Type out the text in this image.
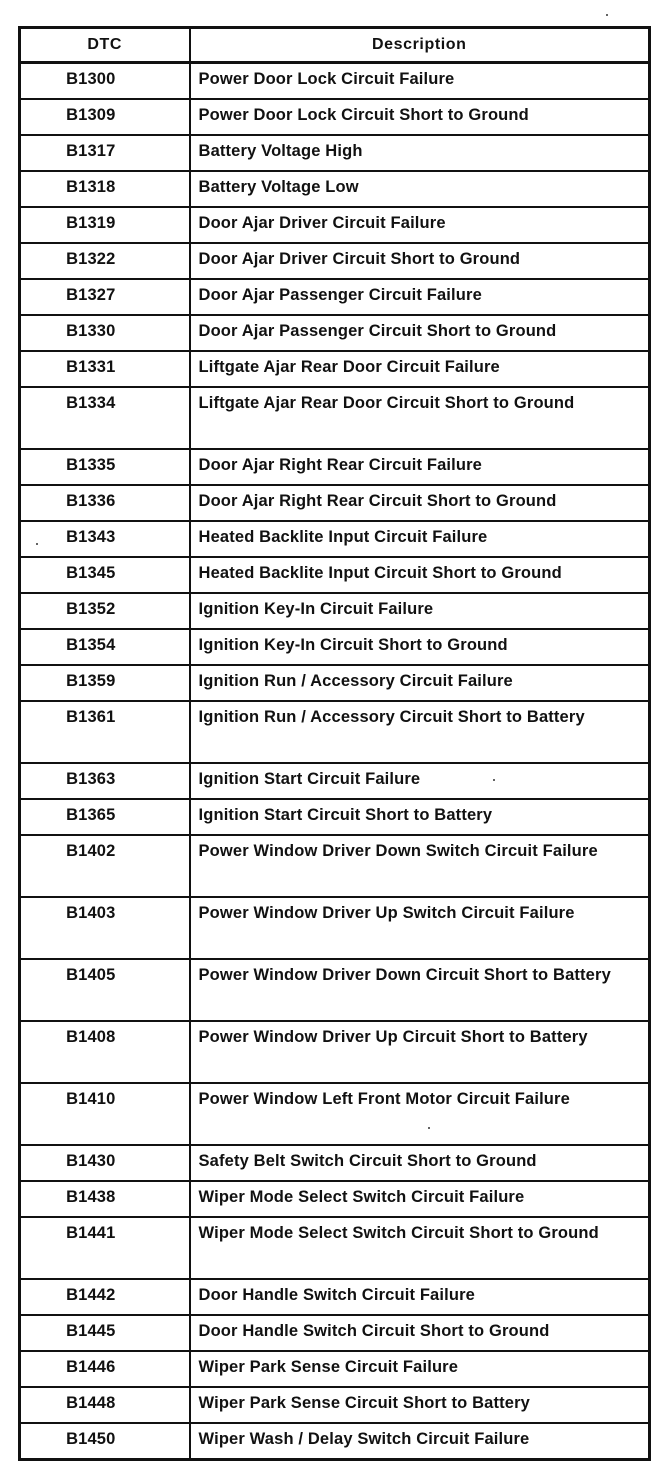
DTC	Description
B1300	Power Door Lock Circuit Failure
B1309	Power Door Lock Circuit Short to Ground
B1317	Battery Voltage High
B1318	Battery Voltage Low
B1319	Door Ajar Driver Circuit Failure
B1322	Door Ajar Driver Circuit Short to Ground
B1327	Door Ajar Passenger Circuit Failure
B1330	Door Ajar Passenger Circuit Short to Ground
B1331	Liftgate Ajar Rear Door Circuit Failure
B1334	Liftgate Ajar Rear Door Circuit Short to Ground
B1335	Door Ajar Right Rear Circuit Failure
B1336	Door Ajar Right Rear Circuit Short to Ground
B1343	Heated Backlite Input Circuit Failure
B1345	Heated Backlite Input Circuit Short to Ground
B1352	Ignition Key-In Circuit Failure
B1354	Ignition Key-In Circuit Short to Ground
B1359	Ignition Run / Accessory Circuit Failure
B1361	Ignition Run / Accessory Circuit Short to Battery
B1363	Ignition Start Circuit Failure
B1365	Ignition Start Circuit Short to Battery
B1402	Power Window Driver Down Switch Circuit Failure
B1403	Power Window Driver Up Switch Circuit Failure
B1405	Power Window Driver Down Circuit Short to Battery
B1408	Power Window Driver Up Circuit Short to Battery
B1410	Power Window Left Front Motor Circuit Failure
B1430	Safety Belt Switch Circuit Short to Ground
B1438	Wiper Mode Select Switch Circuit Failure
B1441	Wiper Mode Select Switch Circuit Short to Ground
B1442	Door Handle Switch Circuit Failure
B1445	Door Handle Switch Circuit Short to Ground
B1446	Wiper Park Sense Circuit Failure
B1448	Wiper Park Sense Circuit Short to Battery
B1450	Wiper Wash / Delay Switch Circuit Failure
